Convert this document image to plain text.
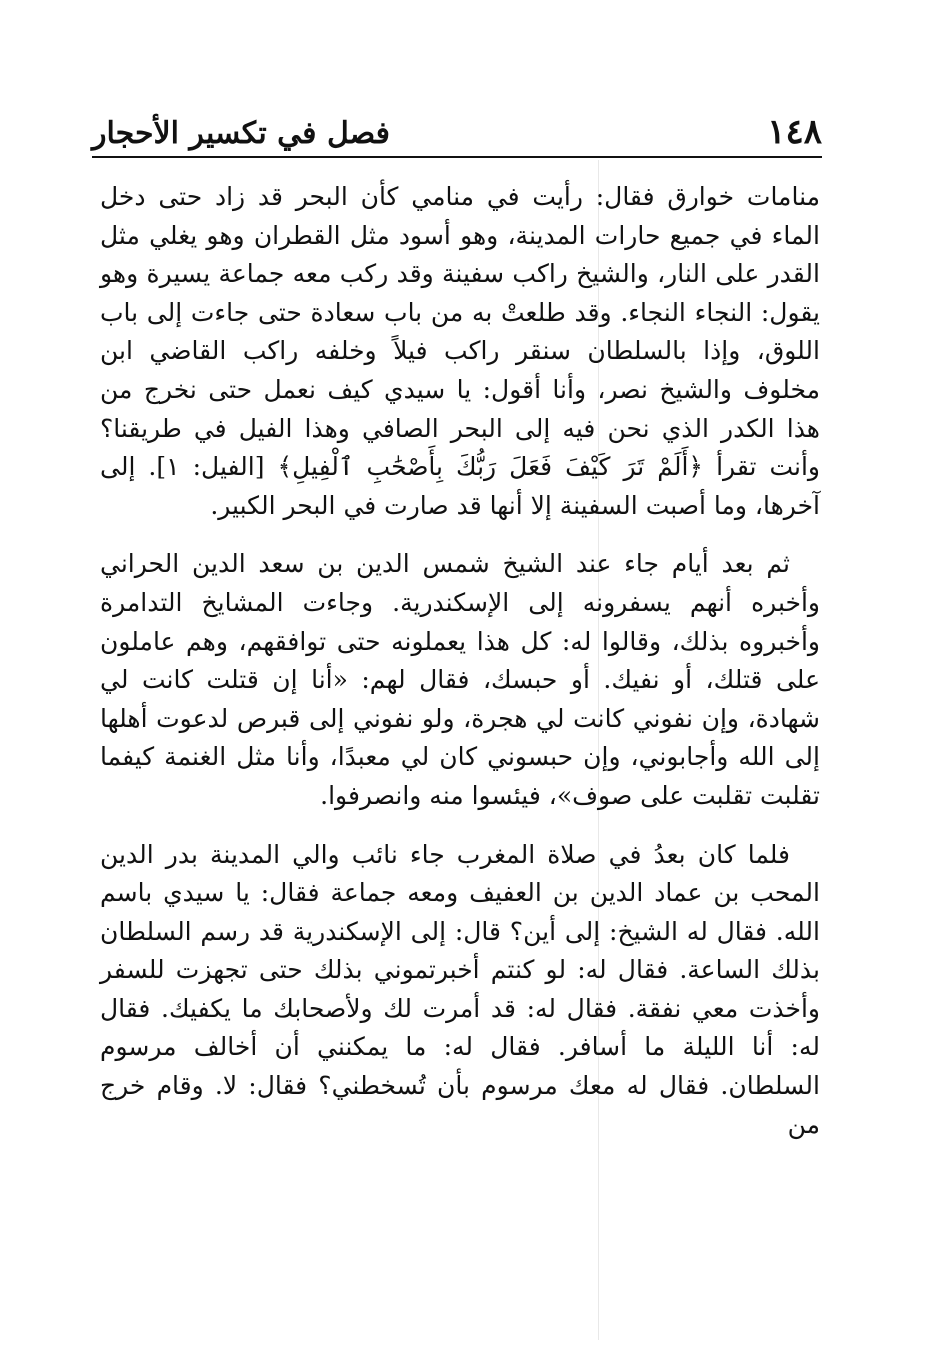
١٤٨
فصل في تكسير الأحجار

منامات خوارق فقال: رأيت في منامي كأن البحر قد زاد حتى دخل الماء في جميع حارات المدينة، وهو أسود مثل القطران وهو يغلي مثل القدر على النار، والشيخ راكب سفينة وقد ركب معه جماعة يسيرة وهو يقول: النجاء النجاء. وقد طلعتْ به من باب سعادة حتى جاءت إلى باب اللوق، وإذا بالسلطان سنقر راكب فيلاً وخلفه راكب القاضي ابن مخلوف والشيخ نصر، وأنا أقول: يا سيدي كيف نعمل حتى نخرج من هذا الكدر الذي نحن فيه إلى البحر الصافي وهذا الفيل في طريقنا؟ وأنت تقرأ ﴿أَلَمْ تَرَ كَيْفَ فَعَلَ رَبُّكَ بِأَصْحَٰبِ ٱلْفِيلِ﴾ [الفيل: ١]. إلى آخرها، وما أصبت السفينة إلا أنها قد صارت في البحر الكبير.

ثم بعد أيام جاء عند الشيخ شمس الدين بن سعد الدين الحراني وأخبره أنهم يسفرونه إلى الإسكندرية. وجاءت المشايخ التدامرة وأخبروه بذلك، وقالوا له: كل هذا يعملونه حتى توافقهم، وهم عاملون على قتلك، أو نفيك. أو حبسك، فقال لهم: «أنا إن قتلت كانت لي شهادة، وإن نفوني كانت لي هجرة، ولو نفوني إلى قبرص لدعوت أهلها إلى الله وأجابوني، وإن حبسوني كان لي معبدًا، وأنا مثل الغنمة كيفما تقلبت تقلبت على صوف»، فيئسوا منه وانصرفوا.

فلما كان بعدُ في صلاة المغرب جاء نائب والي المدينة بدر الدين المحب بن عماد الدين بن العفيف ومعه جماعة فقال: يا سيدي باسم الله. فقال له الشيخ: إلى أين؟ قال: إلى الإسكندرية قد رسم السلطان بذلك الساعة. فقال له: لو كنتم أخبرتموني بذلك حتى تجهزت للسفر وأخذت معي نفقة. فقال له: قد أمرت لك ولأصحابك ما يكفيك. فقال له: أنا الليلة ما أسافر. فقال له: ما يمكنني أن أخالف مرسوم السلطان. فقال له معك مرسوم بأن تُسخطني؟ فقال: لا. وقام خرج من
